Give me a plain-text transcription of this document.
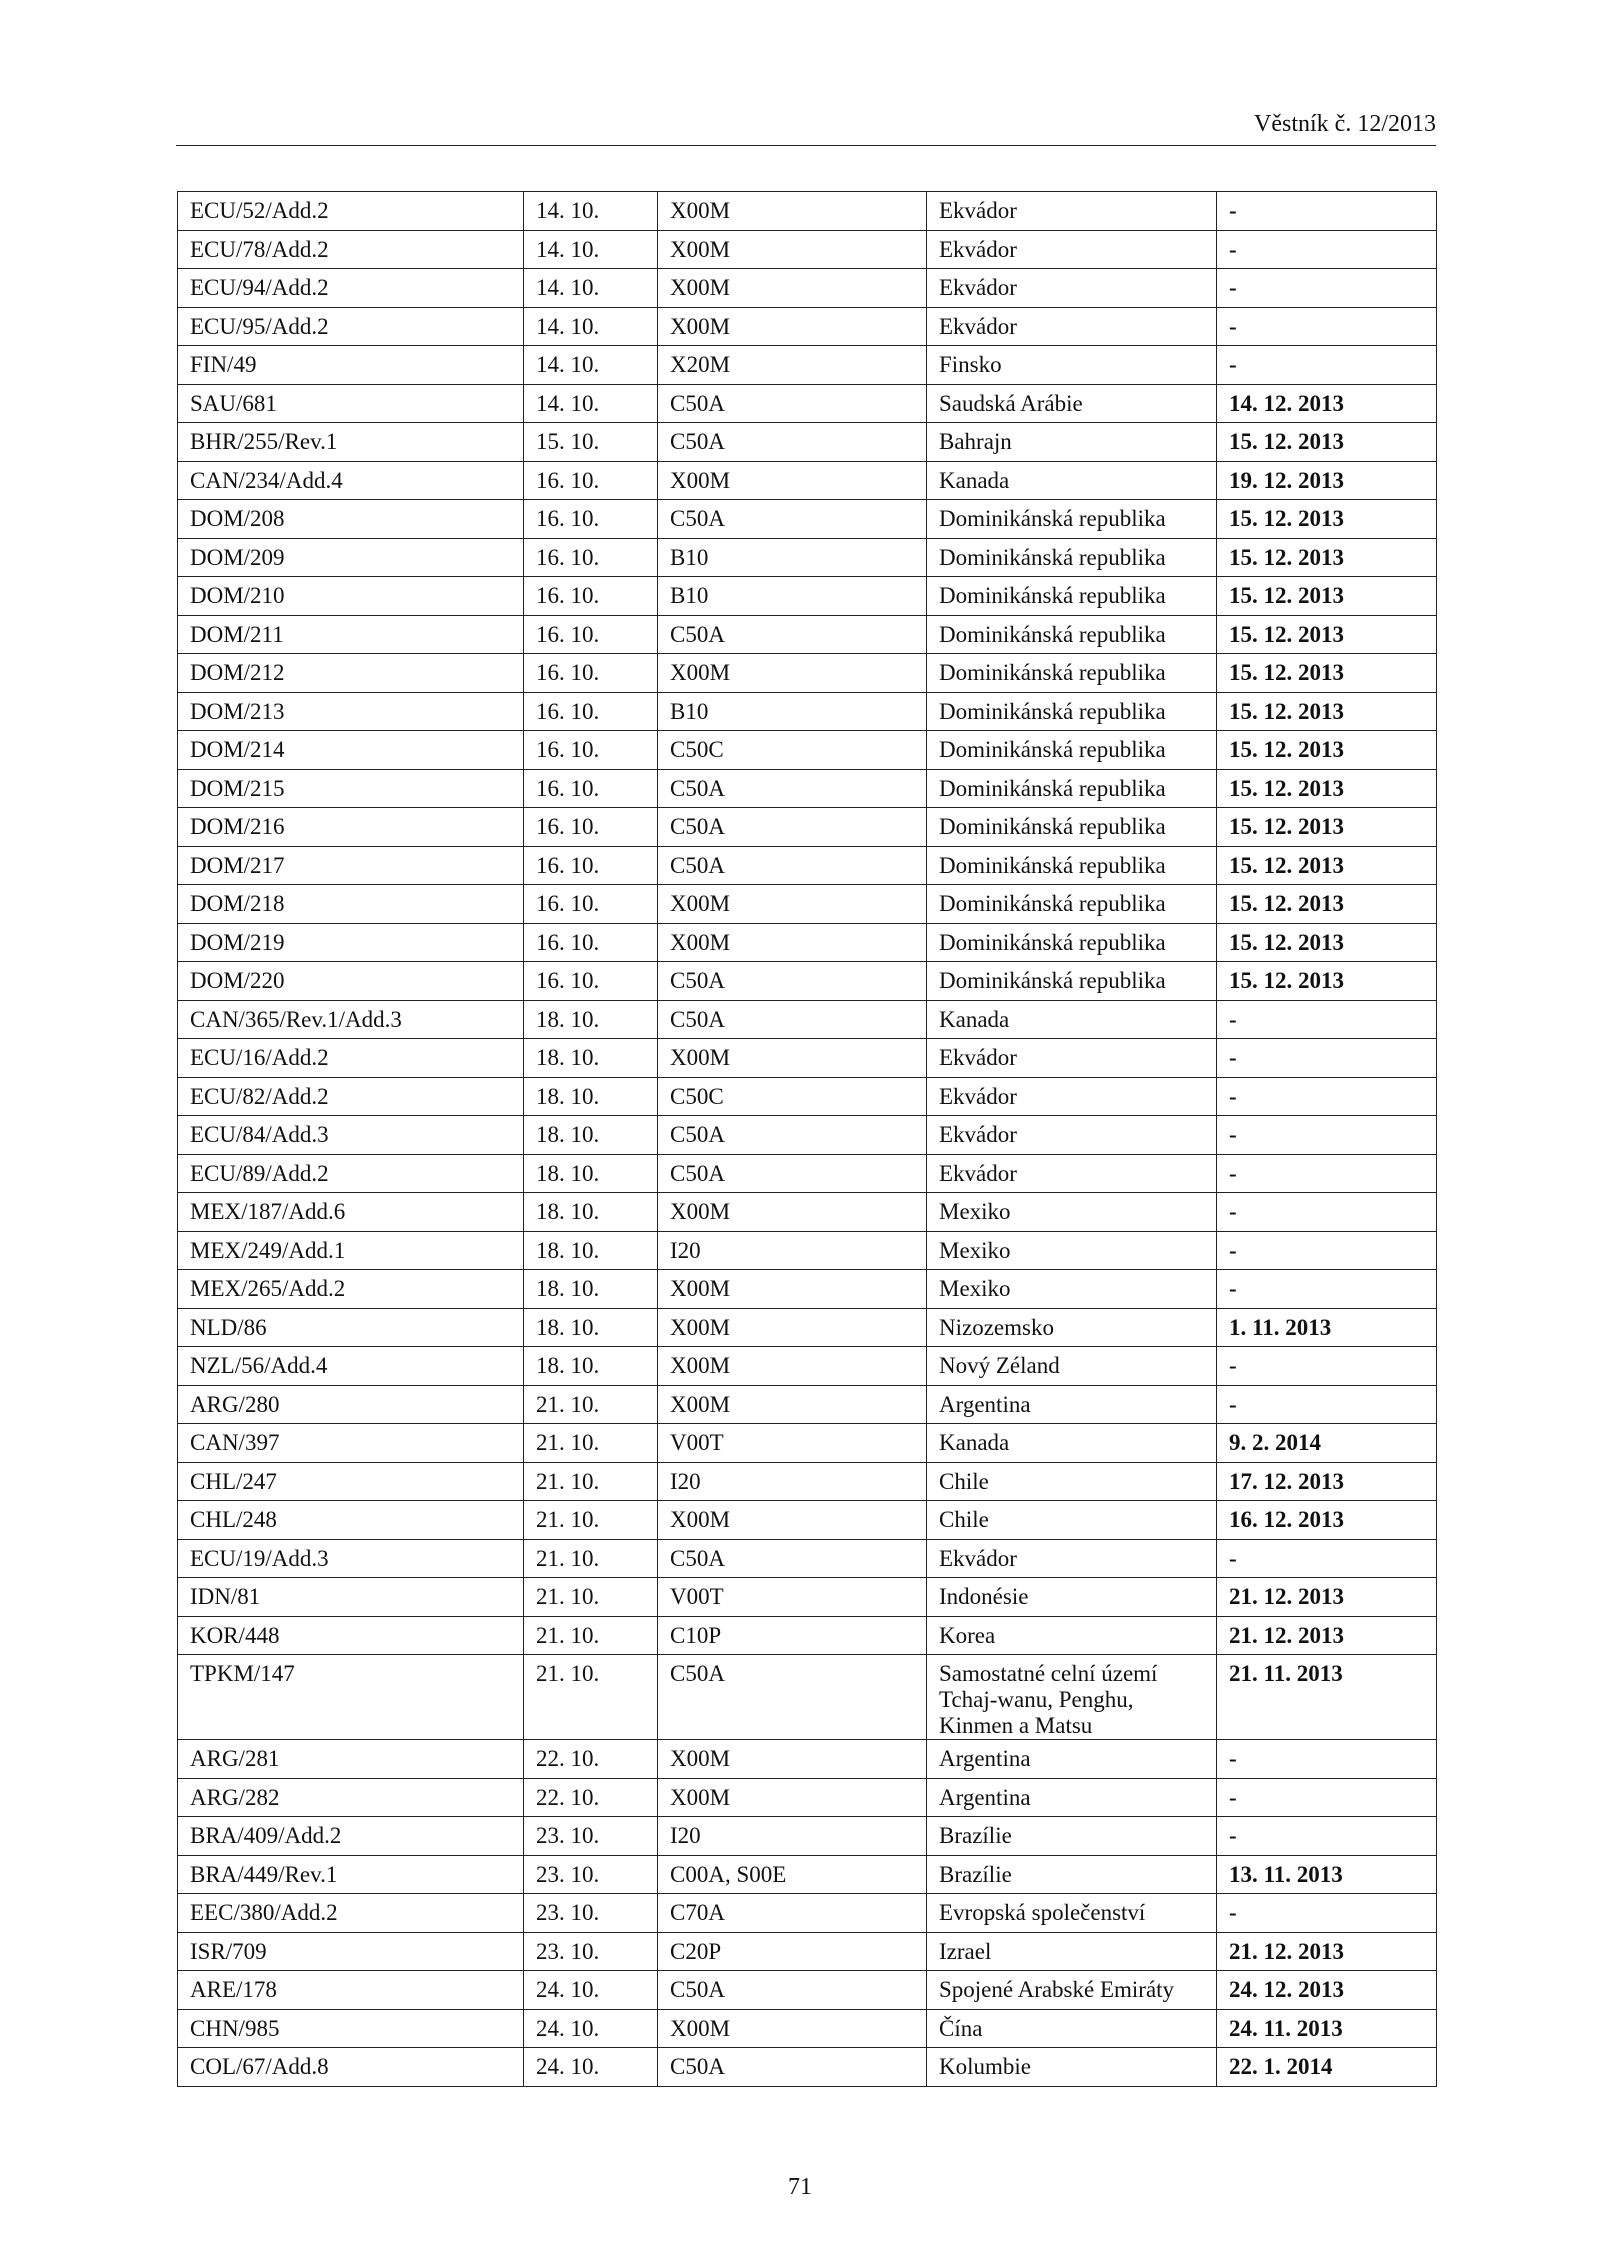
Věstník č. 12/2013
ECU/52/Add.2	14. 10.	X00M	Ekvádor	-
ECU/78/Add.2	14. 10.	X00M	Ekvádor	-
ECU/94/Add.2	14. 10.	X00M	Ekvádor	-
ECU/95/Add.2	14. 10.	X00M	Ekvádor	-
FIN/49	14. 10.	X20M	Finsko	-
SAU/681	14. 10.	C50A	Saudská Arábie	14. 12. 2013
BHR/255/Rev.1	15. 10.	C50A	Bahrajn	15. 12. 2013
CAN/234/Add.4	16. 10.	X00M	Kanada	19. 12. 2013
DOM/208	16. 10.	C50A	Dominikánská republika	15. 12. 2013
DOM/209	16. 10.	B10	Dominikánská republika	15. 12. 2013
DOM/210	16. 10.	B10	Dominikánská republika	15. 12. 2013
DOM/211	16. 10.	C50A	Dominikánská republika	15. 12. 2013
DOM/212	16. 10.	X00M	Dominikánská republika	15. 12. 2013
DOM/213	16. 10.	B10	Dominikánská republika	15. 12. 2013
DOM/214	16. 10.	C50C	Dominikánská republika	15. 12. 2013
DOM/215	16. 10.	C50A	Dominikánská republika	15. 12. 2013
DOM/216	16. 10.	C50A	Dominikánská republika	15. 12. 2013
DOM/217	16. 10.	C50A	Dominikánská republika	15. 12. 2013
DOM/218	16. 10.	X00M	Dominikánská republika	15. 12. 2013
DOM/219	16. 10.	X00M	Dominikánská republika	15. 12. 2013
DOM/220	16. 10.	C50A	Dominikánská republika	15. 12. 2013
CAN/365/Rev.1/Add.3	18. 10.	C50A	Kanada	-
ECU/16/Add.2	18. 10.	X00M	Ekvádor	-
ECU/82/Add.2	18. 10.	C50C	Ekvádor	-
ECU/84/Add.3	18. 10.	C50A	Ekvádor	-
ECU/89/Add.2	18. 10.	C50A	Ekvádor	-
MEX/187/Add.6	18. 10.	X00M	Mexiko	-
MEX/249/Add.1	18. 10.	I20	Mexiko	-
MEX/265/Add.2	18. 10.	X00M	Mexiko	-
NLD/86	18. 10.	X00M	Nizozemsko	1. 11. 2013
NZL/56/Add.4	18. 10.	X00M	Nový Zéland	-
ARG/280	21. 10.	X00M	Argentina	-
CAN/397	21. 10.	V00T	Kanada	9. 2. 2014
CHL/247	21. 10.	I20	Chile	17. 12. 2013
CHL/248	21. 10.	X00M	Chile	16. 12. 2013
ECU/19/Add.3	21. 10.	C50A	Ekvádor	-
IDN/81	21. 10.	V00T	Indonésie	21. 12. 2013
KOR/448	21. 10.	C10P	Korea	21. 12. 2013
TPKM/147	21. 10.	C50A	Samostatné celní území Tchaj-wanu, Penghu, Kinmen a Matsu	21. 11. 2013
ARG/281	22. 10.	X00M	Argentina	-
ARG/282	22. 10.	X00M	Argentina	-
BRA/409/Add.2	23. 10.	I20	Brazílie	-
BRA/449/Rev.1	23. 10.	C00A, S00E	Brazílie	13. 11. 2013
EEC/380/Add.2	23. 10.	C70A	Evropská společenství	-
ISR/709	23. 10.	C20P	Izrael	21. 12. 2013
ARE/178	24. 10.	C50A	Spojené Arabské Emiráty	24. 12. 2013
CHN/985	24. 10.	X00M	Čína	24. 11. 2013
COL/67/Add.8	24. 10.	C50A	Kolumbie	22. 1. 2014
71
